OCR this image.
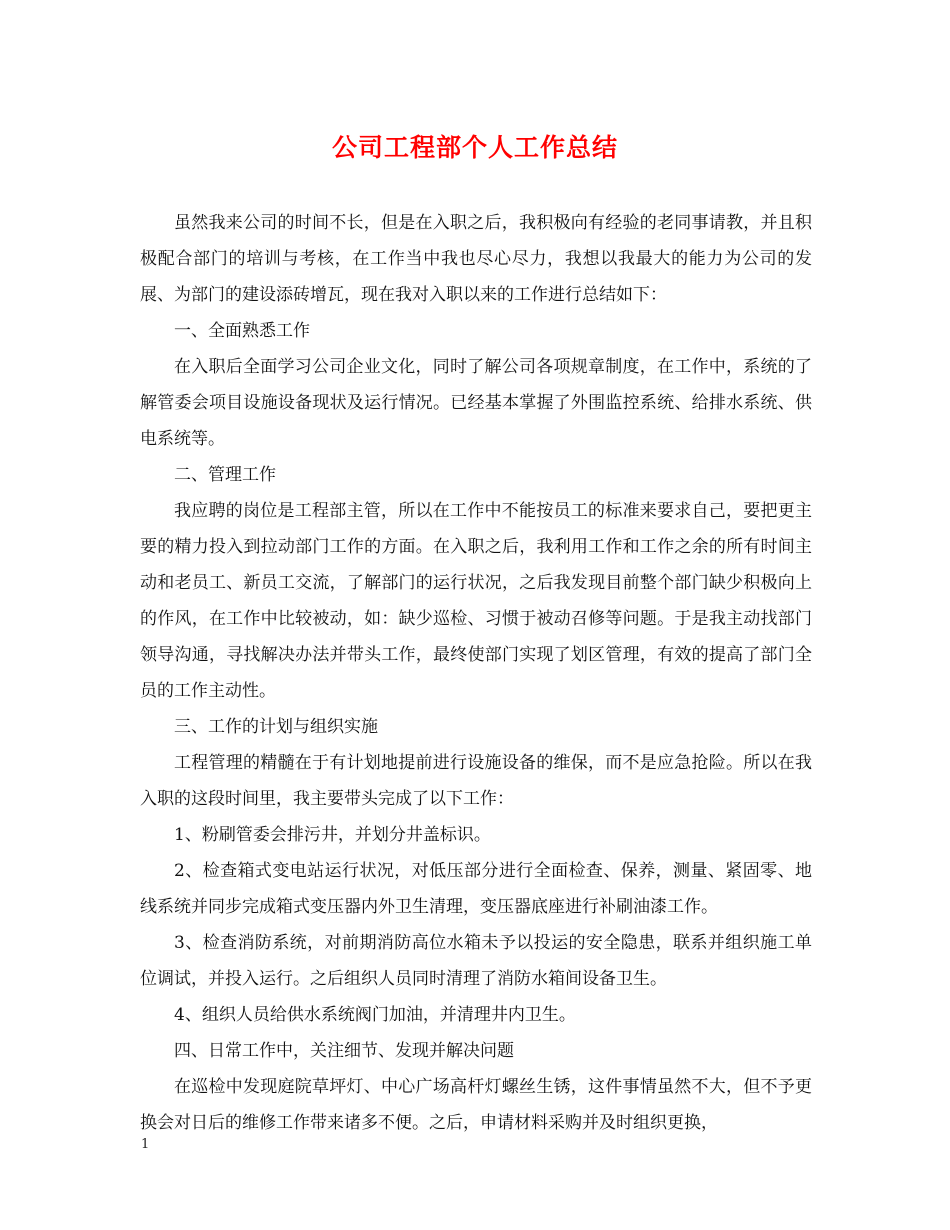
公司工程部个人工作总结

虽然我来公司的时间不长，但是在入职之后，我积极向有经验的老同事请教，并且积极配合部门的培训与考核，在工作当中我也尽心尽力，我想以我最大的能力为公司的发展、为部门的建设添砖增瓦，现在我对入职以来的工作进行总结如下：

一、全面熟悉工作

在入职后全面学习公司企业文化，同时了解公司各项规章制度，在工作中，系统的了解管委会项目设施设备现状及运行情况。已经基本掌握了外围监控系统、给排水系统、供电系统等。

二、管理工作

我应聘的岗位是工程部主管，所以在工作中不能按员工的标准来要求自己，要把更主要的精力投入到拉动部门工作的方面。在入职之后，我利用工作和工作之余的所有时间主动和老员工、新员工交流，了解部门的运行状况，之后我发现目前整个部门缺少积极向上的作风，在工作中比较被动，如：缺少巡检、习惯于被动召修等问题。于是我主动找部门领导沟通，寻找解决办法并带头工作，最终使部门实现了划区管理，有效的提高了部门全员的工作主动性。

三、工作的计划与组织实施

工程管理的精髓在于有计划地提前进行设施设备的维保，而不是应急抢险。所以在我入职的这段时间里，我主要带头完成了以下工作：

1、粉刷管委会排污井，并划分井盖标识。

2、检查箱式变电站运行状况，对低压部分进行全面检查、保养，测量、紧固零、地线系统并同步完成箱式变压器内外卫生清理，变压器底座进行补刷油漆工作。

3、检查消防系统，对前期消防高位水箱未予以投运的安全隐患，联系并组织施工单位调试，并投入运行。之后组织人员同时清理了消防水箱间设备卫生。

4、组织人员给供水系统阀门加油，并清理井内卫生。

四、日常工作中，关注细节、发现并解决问题

在巡检中发现庭院草坪灯、中心广场高杆灯螺丝生锈，这件事情虽然不大，但不予更换会对日后的维修工作带来诸多不便。之后，申请材料采购并及时组织更换，

1
